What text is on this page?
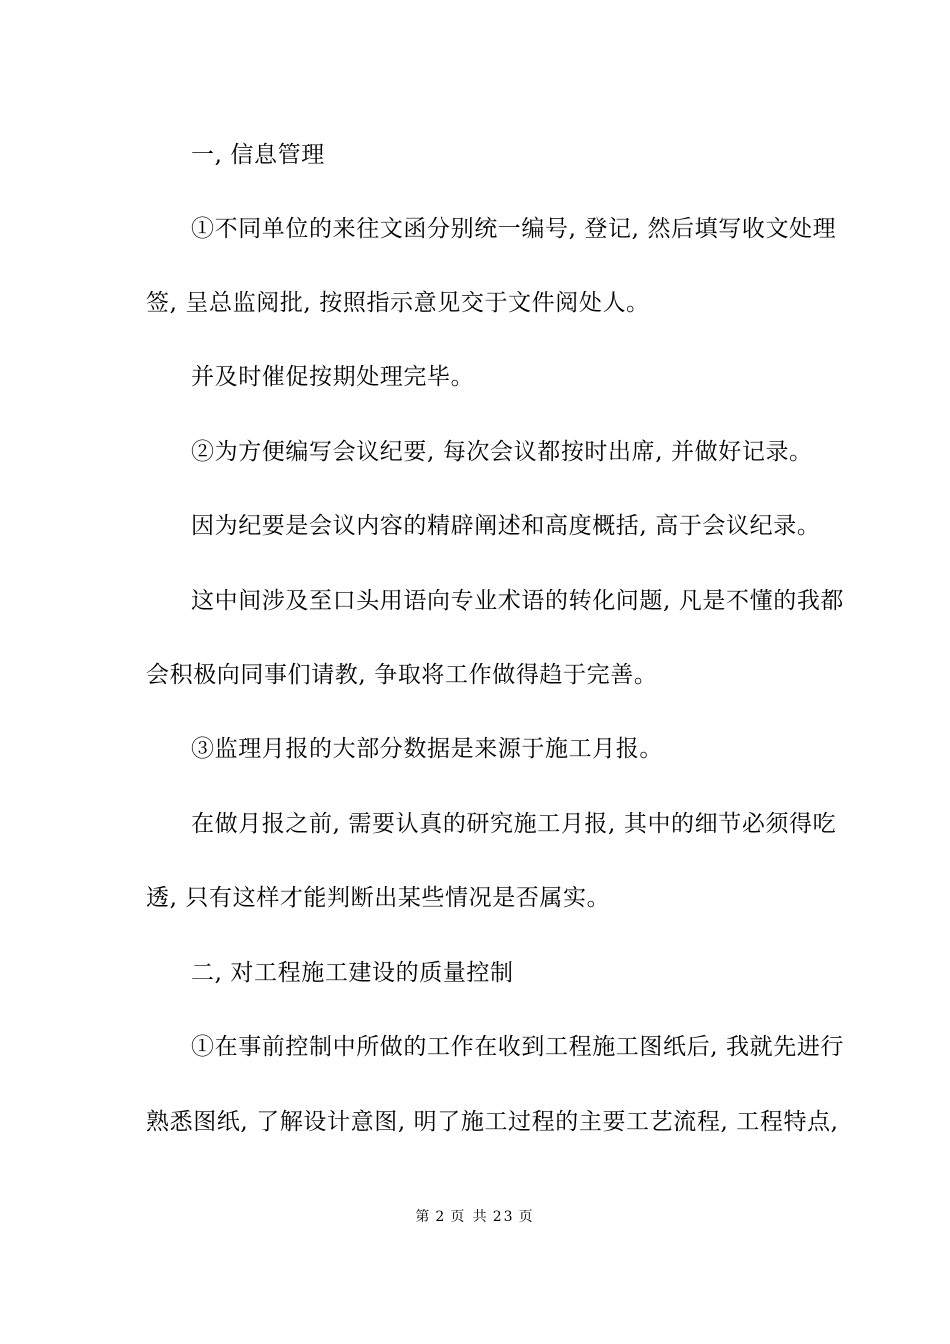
一, 信息管理
①不同单位的来往文函分别统一编号, 登记, 然后填写收文处理
签, 呈总监阅批, 按照指示意见交于文件阅处人。
并及时催促按期处理完毕。
②为方便编写会议纪要, 每次会议都按时出席, 并做好记录。
因为纪要是会议内容的精辟阐述和高度概括, 高于会议纪录。
这中间涉及至口头用语向专业术语的转化问题, 凡是不懂的我都
会积极向同事们请教, 争取将工作做得趋于完善。
③监理月报的大部分数据是来源于施工月报。
在做月报之前, 需要认真的研究施工月报, 其中的细节必须得吃
透, 只有这样才能判断出某些情况是否属实。
二, 对工程施工建设的质量控制
①在事前控制中所做的工作在收到工程施工图纸后, 我就先进行
熟悉图纸, 了解设计意图, 明了施工过程的主要工艺流程, 工程特点,
第 2 页 共 23 页
